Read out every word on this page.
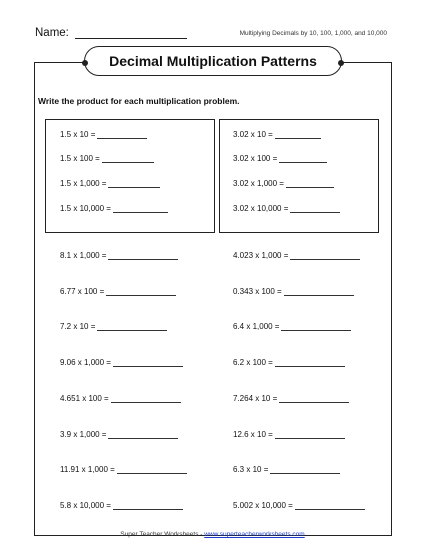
Name:	Multiplying Decimals by 10, 100, 1,000, and 10,000
Decimal Multiplication Patterns
Write the product for each multiplication problem.
1.5 x 10 =
1.5 x 100 =
1.5 x 1,000 =
1.5 x 10,000 =
3.02 x 10 =
3.02 x 100 =
3.02 x 1,000 =
3.02 x 10,000 =
8.1 x 1,000 =
6.77 x 100 =
7.2 x 10 =
9.06 x 1,000 =
4.651 x 100 =
3.9 x 1,000 =
11.91 x 1,000 =
5.8 x 10,000 =
4.023 x 1,000 =
0.343 x 100 =
6.4 x 1,000 =
6.2 x 100 =
7.264 x 10 =
12.6 x 10 =
6.3 x 10 =
5.002 x 10,000 =
Super Teacher Worksheets - www.superteacherworksheets.com
